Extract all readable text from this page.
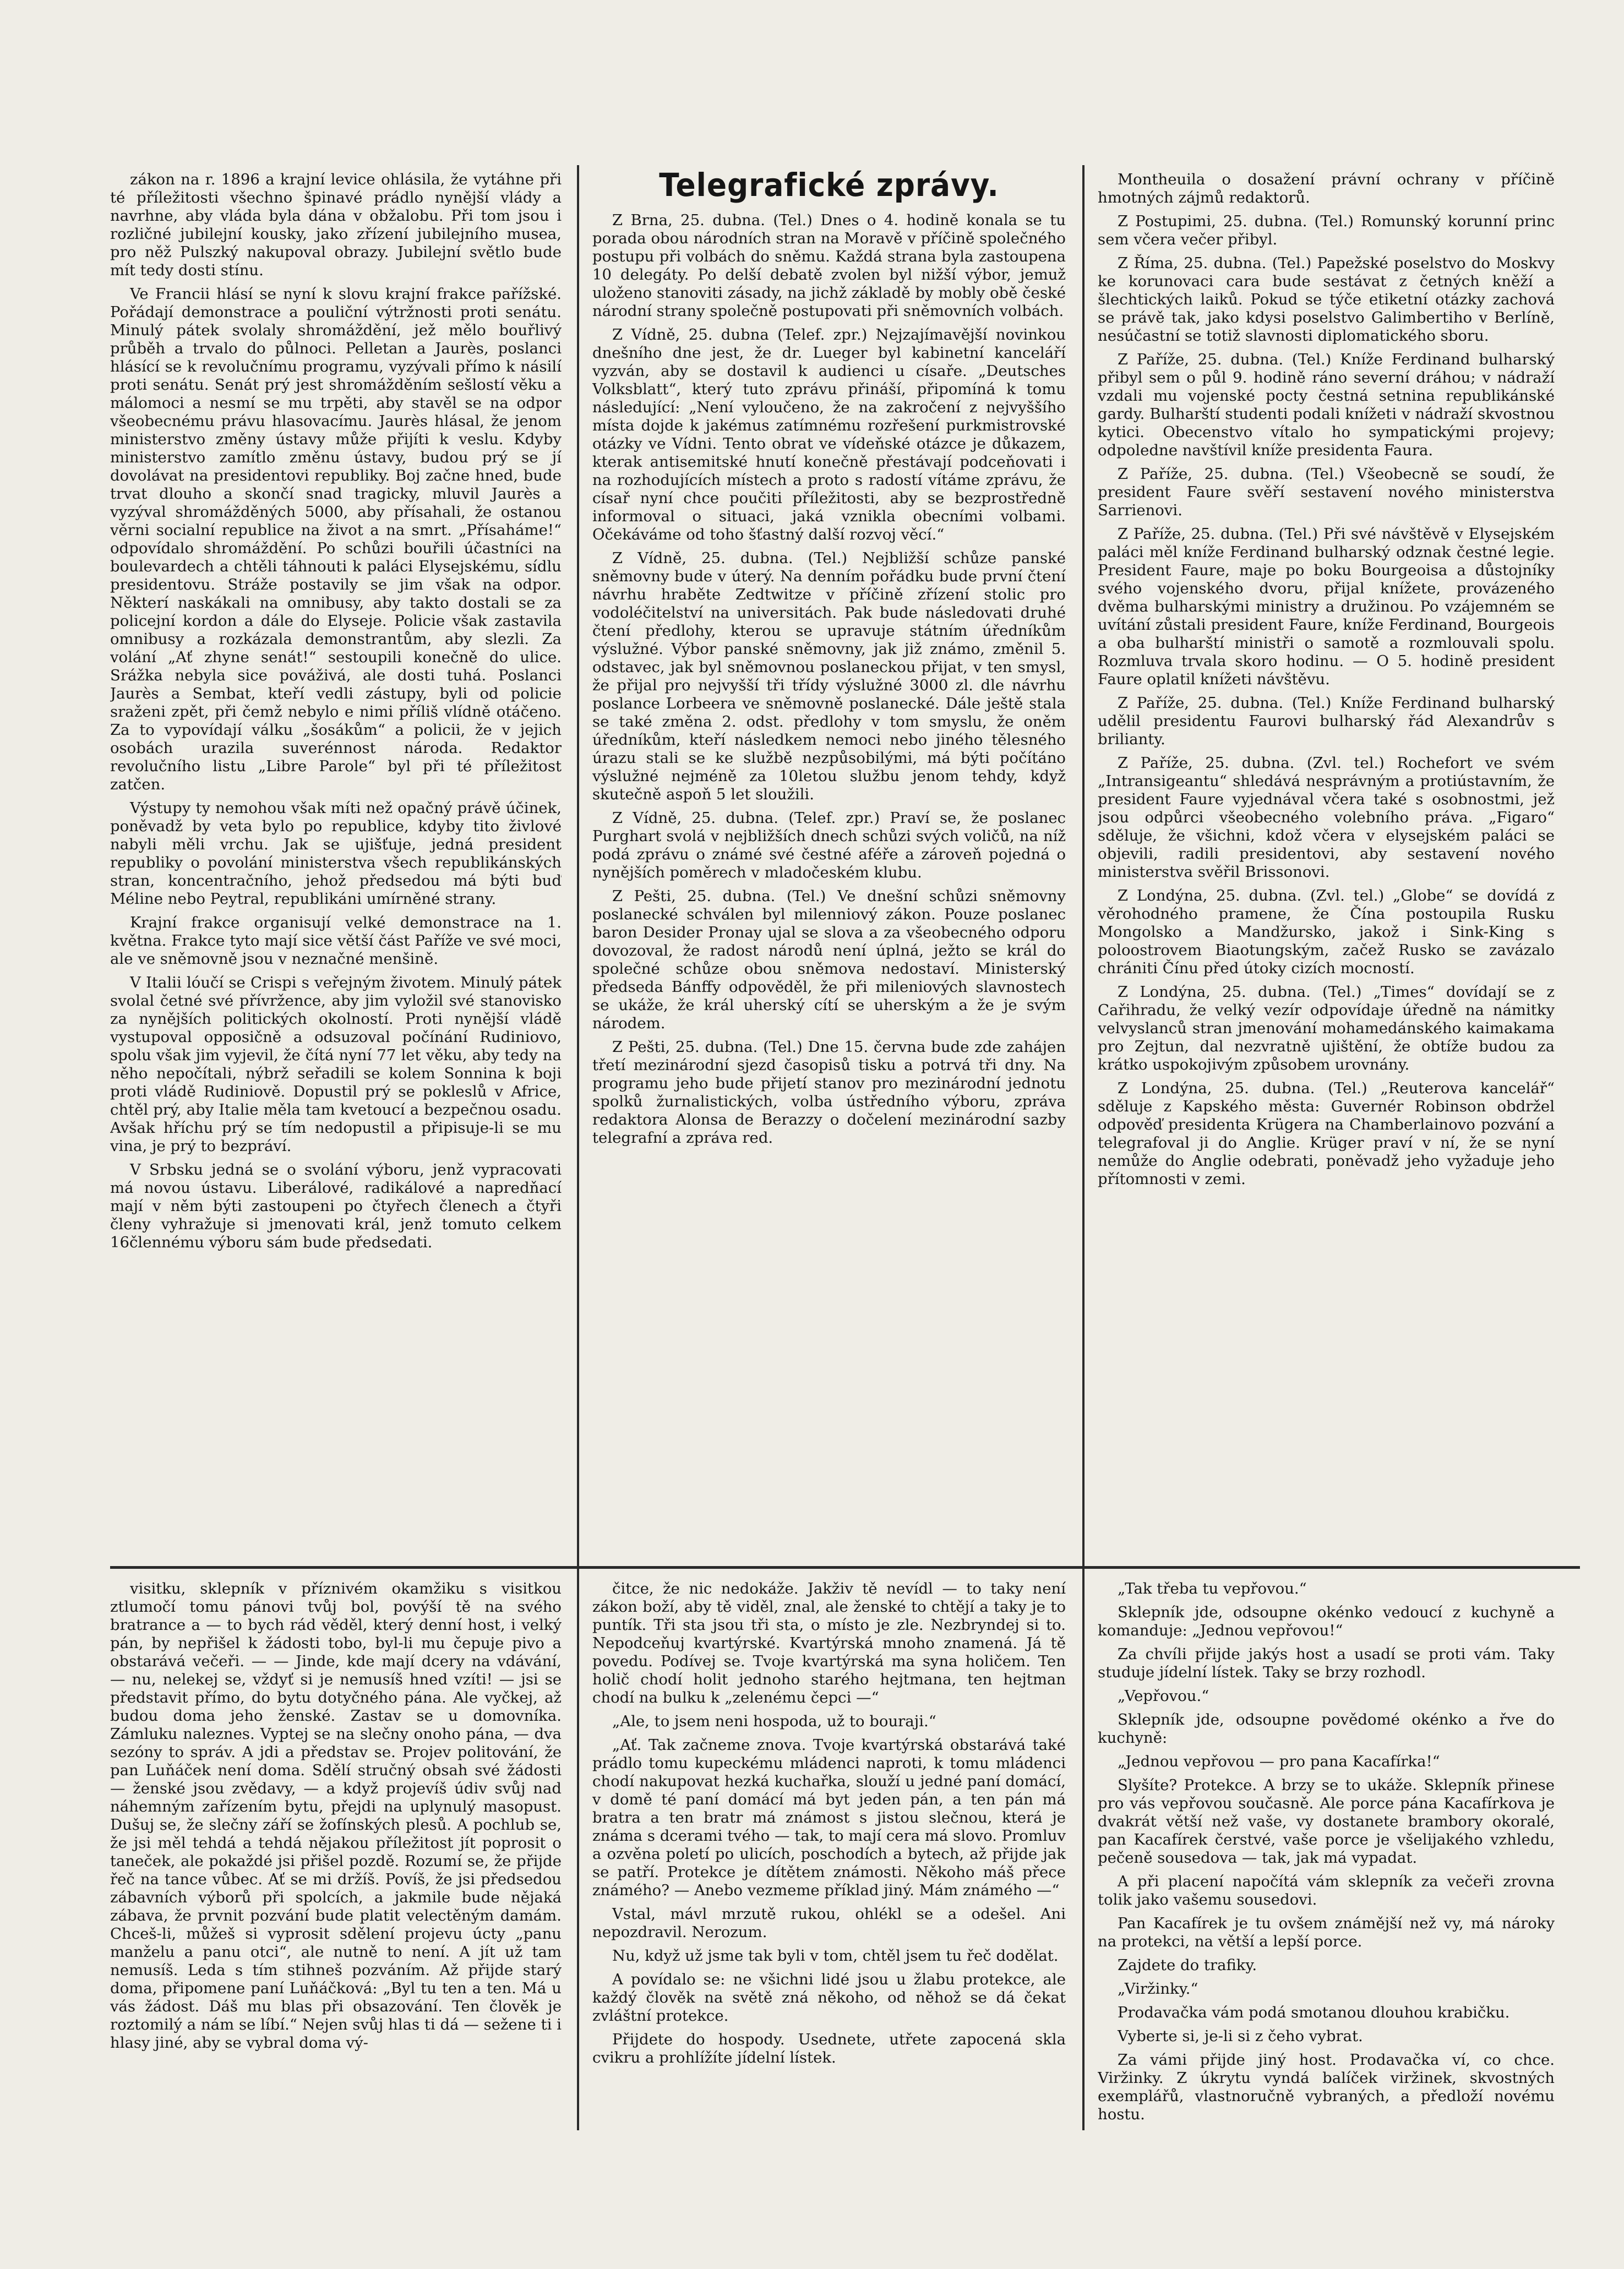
zákon na r. 1896 a krajní levice ohlásila, že vytáhne při té příležitosti všechno špinavé prádlo nynější vlády a navrhne, aby vláda byla dána v obžalobu. Při tom jsou i rozličné jubilejní kousky, jako zřízení jubilejního musea, pro něž Pulszký nakupoval obrazy. Jubilejní světlo bude mít tedy dosti stínu.

Ve Francii hlásí se nyní k slovu krajní frakce pařížské. Pořádají demonstrace a pouliční výtržnosti proti senátu. Minulý pátek svolaly shromáždění, jež mělo bouřlivý průběh a trvalo do půlnoci. Pelletan a Jaurès, poslanci hlásící se k revolučnímu programu, vyzývali přímo k násilí proti senátu. Senát prý jest shromážděním sešlostí věku a málomoci a nesmí se mu trpěti, aby stavěl se na odpor všeobecnému právu hlasovacímu. Jaurès hlásal, že jenom ministerstvo změny ústavy může přijíti k veslu. Kdyby ministerstvo zamítlo změnu ústavy, budou prý se jí dovolávat na presidentovi republiky. Boj začne hned, bude trvat dlouho a skončí snad tragicky, mluvil Jaurès a vyzýval shromážděných 5000, aby přísahali, že ostanou věrni socialní republice na život a na smrt. „Přísaháme!“ odpovídalo shromáždění. Po schůzi bouřili účastníci na boulevardech a chtěli táhnouti k paláci Elysejskému, sídlu presidentovu. Stráže postavily se jim však na odpor. Některí naskákali na omnibusy, aby takto dostali se za policejní kordon a dále do Elyseje. Policie však zastavila omnibusy a rozkázala demonstrantům, aby slezli. Za volání „Ať zhyne senát!“ sestoupili konečně do ulice. Srážka nebyla sice pováživá, ale dosti tuhá. Poslanci Jaurès a Sembat, kteří vedli zástupy, byli od policie sraženi zpět, při čemž nebylo e nimi příliš vlídně otáčeno. Za to vypovídají válku „šosákům“ a policii, že v jejich osobách urazila suverénnost národa. Redaktor revolučního listu „Libre Parole“ byl při té příležitost zatčen.

Výstupy ty nemohou však míti než opačný právě účinek, poněvadž by veta bylo po republice, kdyby tito živlové nabyli měli vrchu. Jak se ujišťuje, jedná president republiky o povolání ministerstva všech republikánských stran, koncentračního, jehož předsedou má býti buď Méline nebo Peytral, republikáni umírněné strany.

Krajní frakce organisují velké demonstrace na 1. května. Frakce tyto mají sice větší část Paříže ve své moci, ale ve sněmovně jsou v neznačné menšině.

V Italii lóučí se Crispi s veřejným životem. Minulý pátek svolal četné své přívržence, aby jim vyložil své stanovisko za nynějších politických okolností. Proti nynější vládě vystupoval opposičně a odsuzoval počínání Rudiniovo, spolu však jim vyjevil, že čítá nyní 77 let věku, aby tedy na něho nepočítali, nýbrž seřadili se kolem Sonnina k boji proti vládě Rudiniově. Dopustil prý se pokleslů v Africe, chtěl prý, aby Italie měla tam kvetoucí a bezpečnou osadu. Avšak hříchu prý se tím nedopustil a připisuje-li se mu vina, je prý to bezpráví.

V Srbsku jedná se o svolání výboru, jenž vypracovati má novou ústavu. Liberálové, radikálové a napredňací mají v něm býti zastoupeni po čtyřech členech a čtyři členy vyhražuje si jmenovati král, jenž tomuto celkem 16člennému výboru sám bude předsedati.

Telegrafické zprávy.

Z Brna, 25. dubna. (Tel.) Dnes o 4. hodině konala se tu porada obou národních stran na Moravě v příčině společného postupu při volbách do sněmu. Každá strana byla zastoupena 10 delegáty. Po delší debatě zvolen byl nižší výbor, jemuž uloženo stanoviti zásady, na jichž základě by mobly obě české národní strany společně postupovati při sněmovních volbách.

Z Vídně, 25. dubna (Telef. zpr.) Nejzajímavější novinkou dnešního dne jest, že dr. Lueger byl kabinetní kanceláří vyzván, aby se dostavil k audienci u císaře. „Deutsches Volksblatt“, který tuto zprávu přináší, připomíná k tomu následující: „Není vyloučeno, že na zakročení z nejvyššího místa dojde k jakémus zatímnému rozřešení purkmistrovské otázky ve Vídni. Tento obrat ve vídeňské otázce je důkazem, kterak antisemitské hnutí konečně přestávají podceňovati i na rozhodujících místech a proto s radostí vítáme zprávu, že císař nyní chce poučiti příležitosti, aby se bezprostředně informoval o situaci, jaká vznikla obecními volbami. Očekáváme od toho šťastný další rozvoj věcí.“

Z Vídně, 25. dubna. (Tel.) Nejbližší schůze panské sněmovny bude v úterý. Na denním pořádku bude první čtení návrhu hraběte Zedtwitze v příčině zřízení stolic pro vodoléčitelství na universitách. Pak bude následovati druhé čtení předlohy, kterou se upravuje státním úředníkům výslužné. Výbor panské sněmovny, jak již známo, změnil 5. odstavec, jak byl sněmovnou poslaneckou přijat, v ten smysl, že přijal pro nejvyšší tři třídy výslužné 3000 zl. dle návrhu poslance Lorbeera ve sněmovně poslanecké. Dále ještě stala se také změna 2. odst. předlohy v tom smyslu, že oněm úředníkům, kteří následkem nemoci nebo jiného tělesného úrazu stali se ke službě nezpůsobilými, má býti počítáno výslužné nejméně za 10letou službu jenom tehdy, když skutečně aspoň 5 let sloužili.

Z Vídně, 25. dubna. (Telef. zpr.) Praví se, že poslanec Purghart svolá v nejbližších dnech schůzi svých voličů, na níž podá zprávu o známé své čestné aféře a zároveň pojedná o nynějších poměrech v mladočeském klubu.

Z Pešti, 25. dubna. (Tel.) Ve dnešní schůzi sněmovny poslanecké schválen byl milenniový zákon. Pouze poslanec baron Desider Pronay ujal se slova a za všeobecného odporu dovozoval, že radost národů není úplná, ježto se král do společné schůze obou sněmova nedostaví. Ministerský předseda Bánffy odpověděl, že při mileniových slavnostech se ukáže, že král uherský cítí se uherským a že je svým národem.

Z Pešti, 25. dubna. (Tel.) Dne 15. června bude zde zahájen třetí mezinárodní sjezd časopisů tisku a potrvá tři dny. Na programu jeho bude přijetí stanov pro mezinárodní jednotu spolků žurnalistických, volba ústředního výboru, zpráva redaktora Alonsa de Berazzy o dočelení mezinárodní sazby telegrafní a zpráva red.

Montheuila o dosažení právní ochrany v příčině hmotných zájmů redaktorů.

Z Postupimi, 25. dubna. (Tel.) Romunský korunní princ sem včera večer přibyl.

Z Říma, 25. dubna. (Tel.) Papežské poselstvo do Moskvy ke korunovaci cara bude sestávat z četných kněží a šlechtických laiků. Pokud se týče etiketní otázky zachová se právě tak, jako kdysi poselstvo Galimbertiho v Berlíně, nesúčastní se totiž slavnosti diplomatického sboru.

Z Paříže, 25. dubna. (Tel.) Kníže Ferdinand bulharský přibyl sem o půl 9. hodině ráno severní dráhou; v nádraží vzdali mu vojenské pocty čestná setnina republikánské gardy. Bulharští studenti podali knížeti v nádraží skvostnou kytici. Obecenstvo vítalo ho sympatickými projevy; odpoledne navštívil kníže presidenta Faura.

Z Paříže, 25. dubna. (Tel.) Všeobecně se soudí, že president Faure svěří sestavení nového ministerstva Sarrienovi.

Z Paříže, 25. dubna. (Tel.) Při své návštěvě v Elysejském paláci měl kníže Ferdinand bulharský odznak čestné legie. President Faure, maje po boku Bourgeoisa a důstojníky svého vojenského dvoru, přijal knížete, provázeného dvěma bulharskými ministry a družinou. Po vzájemném se uvítání zůstali president Faure, kníže Ferdinand, Bourgeois a oba bulharští ministři o samotě a rozmlouvali spolu. Rozmluva trvala skoro hodinu. — O 5. hodině president Faure oplatil knížeti návštěvu.

Z Paříže, 25. dubna. (Tel.) Kníže Ferdinand bulharský udělil presidentu Faurovi bulharský řád Alexandrův s brilianty.

Z Paříže, 25. dubna. (Zvl. tel.) Rochefort ve svém „Intransigeantu“ shledává nesprávným a protiústavním, že president Faure vyjednával včera také s osobnostmi, jež jsou odpůrci všeobecného volebního práva. „Figaro“ sděluje, že všichni, kdož včera v elysejském paláci se objevili, radili presidentovi, aby sestavení nového ministerstva svěřil Brissonovi.

Z Londýna, 25. dubna. (Zvl. tel.) „Globe“ se dovídá z věrohodného pramene, že Čína postoupila Rusku Mongolsko a Mandžursko, jakož i Sink-King s poloostrovem Biaotungským, začež Rusko se zavázalo chrániti Čínu před útoky cizích mocností.

Z Londýna, 25. dubna. (Tel.) „Times“ dovídají se z Cařihradu, že velký vezír odpovídaje úředně na námitky velvyslanců stran jmenování mohamedánského kaimakama pro Zejtun, dal nezvratně ujištění, že obtíže budou za krátko uspokojivým způsobem urovnány.

Z Londýna, 25. dubna. (Tel.) „Reuterova kancelář“ sděluje z Kapského města: Guvernér Robinson obdržel odpověď presidenta Krügera na Chamberlainovo pozvání a telegrafoval ji do Anglie. Krüger praví v ní, že se nyní nemůže do Anglie odebrati, poněvadž jeho vyžaduje jeho přítomnosti v zemi.

visitku, sklepník v příznivém okamžiku s visitkou ztlumočí tomu pánovi tvůj bol, povýší tě na svého bratrance a — to bych rád věděl, který denní host, i velký pán, by nepřišel k žádosti tobo, byl-li mu čepuje pivo a obstarává večeři. — — Jinde, kde mají dcery na vdávání, — nu, nelekej se, vždyť si je nemusíš hned vzíti! — jsi se představit přímo, do bytu dotyčného pána. Ale vyčkej, až budou doma jeho ženské. Zastav se u domovníka. Zámluku naleznes. Vyptej se na slečny onoho pána, — dva sezóny to správ. A jdi a představ se. Projev politování, že pan Luňáček není doma. Sdělí stručný obsah své žádosti — ženské jsou zvědavy, — a když projevíš údiv svůj nad náhemným zařízením bytu, přejdi na uplynulý masopust. Dušuj se, že slečny září se žofínských plesů. A pochlub se, že jsi měl tehdá a tehdá nějakou příležitost jít poprosit o taneček, ale pokaždé jsi přišel pozdě. Rozumí se, že přijde řeč na tance vůbec. Ať se mi držíš. Povíš, že jsi předsedou zábavních výborů při spolcích, a jakmile bude nějaká zábava, že prvnit pozvání bude platit velectěným damám. Chceš-li, můžeš si vyprosit sdělení projevu úcty „panu manželu a panu otci“, ale nutně to není. A jít už tam nemusíš. Leda s tím stihneš pozváním. Až přijde starý doma, připomene paní Luňáčková: „Byl tu ten a ten. Má u vás žádost. Dáš mu blas při obsazování. Ten člověk je roztomilý a nám se líbí.“ Nejen svůj hlas ti dá — sežene ti i hlasy jiné, aby se vybral doma vý-

čitce, že nic nedokáže. Jakživ tě nevídl — to taky není zákon boží, aby tě viděl, znal, ale ženské to chtějí a taky je to puntík. Tři sta jsou tři sta, o místo je zle. Nezbryndej si to. Nepodceňuj kvartýrské. Kvartýrská mnoho znamená. Já tě povedu. Podívej se. Tvoje kvartýrská ma syna holičem. Ten holič chodí holit jednoho starého hejtmana, ten hejtman chodí na bulku k „zelenému čepci —“

„Ale, to jsem neni hospoda, už to bouraji.“

„Ať. Tak začneme znova. Tvoje kvartýrská obstarává také prádlo tomu kupeckému mládenci naproti, k tomu mládenci chodí nakupovat hezká kuchařka, slouží u jedné paní domácí, v domě té paní domácí má byt jeden pán, a ten pán má bratra a ten bratr má známost s jistou slečnou, která je známa s dcerami tvého — tak, to mají cera má slovo. Promluv a ozvěna poletí po ulicích, poschodích a bytech, až přijde jak se patří. Protekce je dítětem známosti. Někoho máš přece známého? — Anebo vezmeme příklad jiný. Mám známého —“

Vstal, mávl mrzutě rukou, ohlékl se a odešel. Ani nepozdravil. Nerozum.

Nu, když už jsme tak byli v tom, chtěl jsem tu řeč dodělat.

A povídalo se: ne všichni lidé jsou u žlabu protekce, ale každý člověk na světě zná někoho, od něhož se dá čekat zvláštní protekce.

Přijdete do hospody. Usednete, utřete zapocená skla cvikru a prohlížíte jídelní lístek.

„Tak třeba tu vepřovou.“

Sklepník jde, odsoupne okénko vedoucí z kuchyně a komanduje: „Jednou vepřovou!“

Za chvíli přijde jakýs host a usadí se proti vám. Taky studuje jídelní lístek. Taky se brzy rozhodl.

„Vepřovou.“

Sklepník jde, odsoupne povědomé okénko a řve do kuchyně:

„Jednou vepřovou — pro pana Kacafírka!“

Slyšíte? Protekce. A brzy se to ukáže. Sklepník přinese pro vás vepřovou současně. Ale porce pána Kacafírkova je dvakrát větší než vaše, vy dostanete brambory okoralé, pan Kacafírek čerstvé, vaše porce je všelijakého vzhledu, pečeně sousedova — tak, jak má vypadat.

A při placení napočítá vám sklepník za večeři zrovna tolik jako vašemu sousedovi.

Pan Kacafírek je tu ovšem známější než vy, má nároky na protekci, na větší a lepší porce.

Zajdete do trafiky.

„Viržinky.“

Prodavačka vám podá smotanou dlouhou krabičku.

Vyberte si, je-li si z čeho vybrat.

Za vámi přijde jiný host. Prodavačka ví, co chce. Viržinky. Z úkrytu vyndá balíček viržinek, skvostných exemplářů, vlastnoručně vybraných, a předloží novému hostu.
